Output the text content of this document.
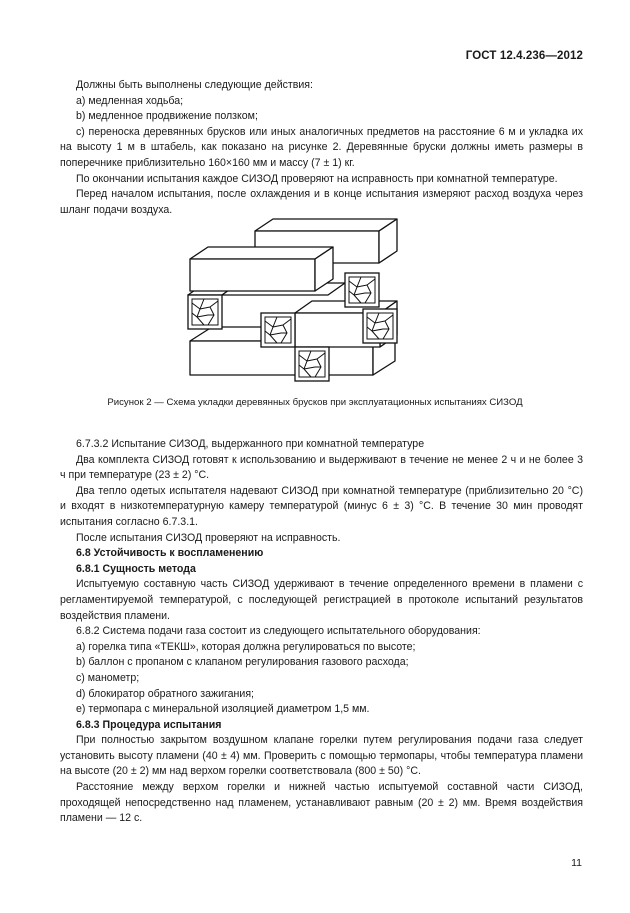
ГОСТ 12.4.236—2012

Должны быть выполнены следующие действия:

а) медленная ходьба;

b) медленное продвижение ползком;

с) переноска деревянных брусков или иных аналогичных предметов на расстояние 6 м и укладка их на высоту 1 м в штабель, как показано на рисунке 2. Деревянные бруски должны иметь размеры в поперечнике приблизительно 160×160 мм и массу (7 ± 1) кг.

По окончании испытания каждое СИЗОД проверяют на исправность при комнатной температуре.

Перед началом испытания, после охлаждения и в конце испытания измеряют расход воздуха через шланг подачи воздуха.

Рисунок 2 — Схема укладки деревянных брусков при эксплуатационных испытаниях СИЗОД

6.7.3.2 Испытание СИЗОД, выдержанного при комнатной температуре

Два комплекта СИЗОД готовят к использованию и выдерживают в течение не менее 2 ч и не более 3 ч при температуре (23 ± 2) °С.

Два тепло одетых испытателя надевают СИЗОД при комнатной температуре (приблизительно 20 °С) и входят в низкотемпературную камеру температурой (минус 6 ± 3) °С. В течение 30 мин проводят испытания согласно 6.7.3.1.

После испытания СИЗОД проверяют на исправность.

6.8 Устойчивость к воспламенению

6.8.1 Сущность метода

Испытуемую составную часть СИЗОД удерживают в течение определенного времени в пламени с регламентируемой температурой, с последующей регистрацией в протоколе испытаний результатов воздействия пламени.

6.8.2 Система подачи газа состоит из следующего испытательного оборудования:

а) горелка типа «ТЕКШ», которая должна регулироваться по высоте;

b) баллон с пропаном с клапаном регулирования газового расхода;

с) манометр;

d) блокиратор обратного зажигания;

е) термопара с минеральной изоляцией диаметром 1,5 мм.

6.8.3 Процедура испытания

При полностью закрытом воздушном клапане горелки путем регулирования подачи газа следует установить высоту пламени (40 ± 4) мм. Проверить с помощью термопары, чтобы температура пламени на высоте (20 ± 2) мм над верхом горелки соответствовала (800 ± 50) °С.

Расстояние между верхом горелки и нижней частью испытуемой составной части СИЗОД, проходящей непосредственно над пламенем, устанавливают равным (20 ± 2) мм. Время воздействия пламени — 12 с.

11
